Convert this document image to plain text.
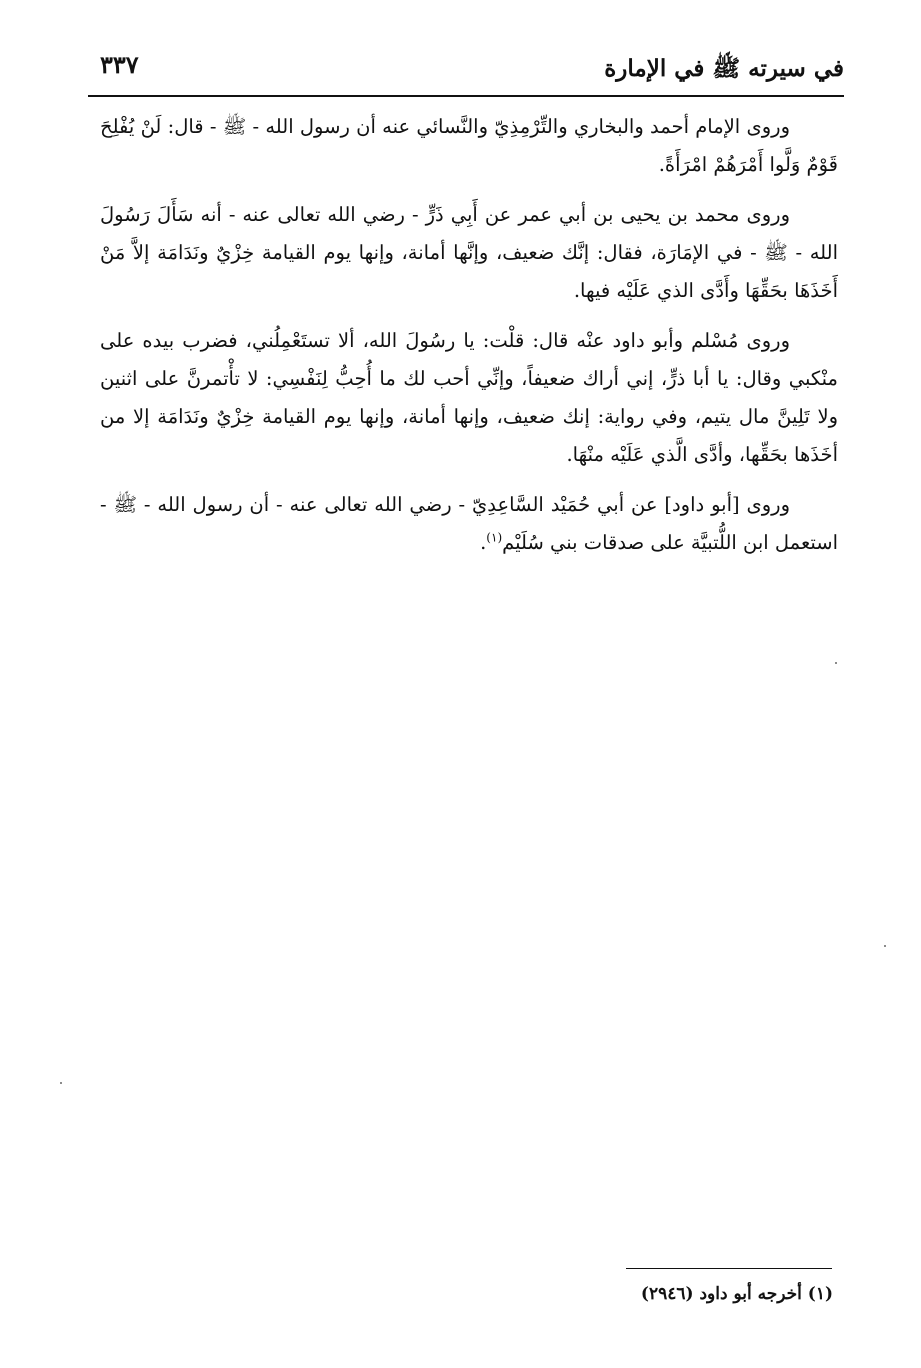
في سيرته ﷺ في الإمارة
٣٣٧

وروى الإمام أحمد والبخاري والتِّرْمِذِيّ والنَّسائي عنه أن رسول الله - ﷺ - قال: لَنْ يُفْلِحَ قَوْمٌ وَلَّوا أَمْرَهُمْ امْرَأَةً.

وروى محمد بن يحيى بن أبي عمر عن أَبِي ذَرٍّ - رضي الله تعالى عنه - أنه سَأَلَ رَسُولَ الله - ﷺ - في الإمَارَة، فقال: إنَّك ضعيف، وإنَّها أمانة، وإنها يوم القيامة خِزْيٌ ونَدَامَة إلاَّ مَنْ أَخَذَهَا بحَقِّهَا وأَدَّى الذي عَلَيْه فيها.

وروى مُسْلم وأبو داود عنْه قال: قلْت: يا رسُولَ الله، ألا تستَعْمِلُني، فضرب بيده على منْكبي وقال: يا أبا ذرٍّ، إني أراك ضعيفاً، وإنِّي أحب لك ما أُحِبُّ لِنَفْسِي: لا تأْتمرنَّ على اثنين ولا تَلِينَّ مال يتيم، وفي رواية: إنك ضعيف، وإنها أمانة، وإنها يوم القيامة خِزْيٌ ونَدَامَة إلا من أخَذَها بحَقِّها، وأدَّى الَّذي عَلَيْه منْهَا.

وروى [أبو داود] عن أبي حُمَيْد السَّاعِدِيّ - رضي الله تعالى عنه - أن رسول الله - ﷺ - استعمل ابن اللُّتبيَّة على صدقات بني سُلَيْم$^{(١)}$.

(١) أخرجه أبو داود (٢٩٤٦)
